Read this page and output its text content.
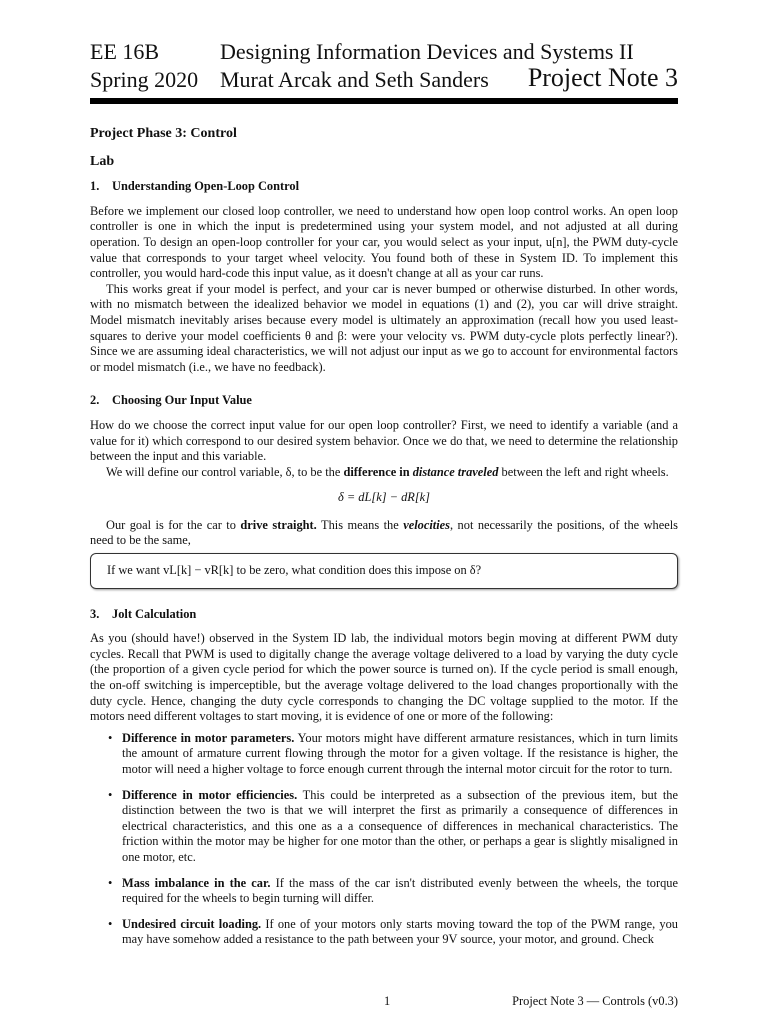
EE 16B	Designing Information Devices and Systems II
Spring 2020 Murat Arcak and Seth Sanders Project Note 3
Project Phase 3: Control
Lab
1. Understanding Open-Loop Control

Before we implement our closed loop controller, we need to understand how open loop control works. An open loop controller is one in which the input is predetermined using your system model, and not adjusted at all during operation. To design an open-loop controller for your car, you would select as your input, u[n], the PWM duty-cycle value that corresponds to your target wheel velocity. You found both of these in System ID. To implement this controller, you would hard-code this input value, as it doesn't change at all as your car runs.

This works great if your model is perfect, and your car is never bumped or otherwise disturbed. In other words, with no mismatch between the idealized behavior we model in equations (1) and (2), you car will drive straight. Model mismatch inevitably arises because every model is ultimately an approximation (recall how you used least-squares to derive your model coefficients θ and β: were your velocity vs. PWM duty-cycle plots perfectly linear?). Since we are assuming ideal characteristics, we will not adjust our input as we go to account for environmental factors or model mismatch (i.e., we have no feedback).

2. Choosing Our Input Value

How do we choose the correct input value for our open loop controller? First, we need to identify a variable (and a value for it) which correspond to our desired system behavior. Once we do that, we need to determine the relationship between the input and this variable.

We will define our control variable, δ, to be the difference in distance traveled between the left and right wheels.

δ = dL[k] − dR[k]

Our goal is for the car to drive straight. This means the velocities, not necessarily the positions, of the wheels need to be the same,

If we want vL[k] − vR[k] to be zero, what condition does this impose on δ?
3. Jolt Calculation

As you (should have!) observed in the System ID lab, the individual motors begin moving at different PWM duty cycles. Recall that PWM is used to digitally change the average voltage delivered to a load by varying the duty cycle (the proportion of a given cycle period for which the power source is turned on). If the cycle period is small enough, the on-off switching is imperceptible, but the average voltage delivered to the load changes proportionally with the duty cycle. Hence, changing the duty cycle corresponds to changing the DC voltage supplied to the motor. If the motors need different voltages to start moving, it is evidence of one or more of the following:

• Difference in motor parameters. Your motors might have different armature resistances, which in turn limits the amount of armature current flowing through the motor for a given voltage. If the resistance is higher, the motor will need a higher voltage to force enough current through the internal motor circuit for the rotor to turn.
• Difference in motor efficiencies. This could be interpreted as a subsection of the previous item, but the distinction between the two is that we will interpret the first as primarily a consequence of differences in electrical characteristics, and this one as a a consequence of differences in mechanical characteristics. The friction within the motor may be higher for one motor than the other, or perhaps a gear is slightly misaligned in one motor, etc.
• Mass imbalance in the car. If the mass of the car isn't distributed evenly between the wheels, the torque required for the wheels to begin turning will differ.
• Undesired circuit loading. If one of your motors only starts moving toward the top of the PWM range, you may have somehow added a resistance to the path between your 9V source, your motor, and ground. Check
1	Project Note 3 — Controls (v0.3)
